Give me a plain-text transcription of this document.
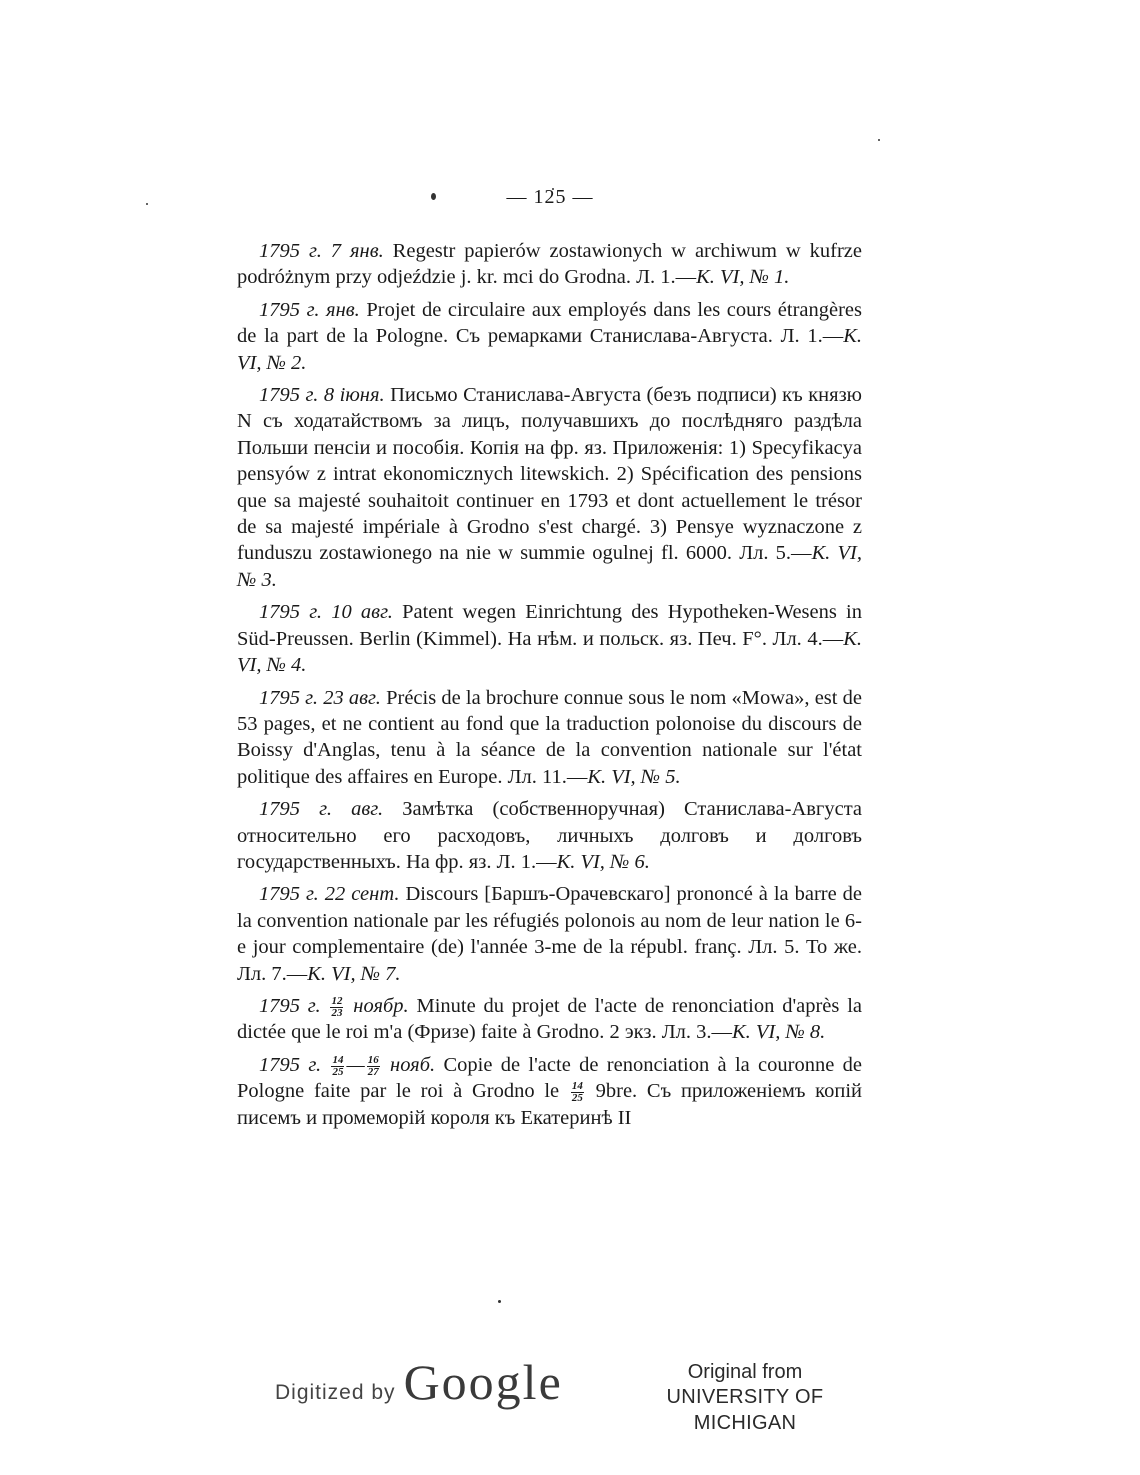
— 125 —

1795 г. 7 янв. Regestr papierów zostawionych w archiwum w kufrze podróżnym przy odjeździe j. kr. mci do Grodna. Л. 1.—К. VI, № 1.

1795 г. янв. Projet de circulaire aux employés dans les cours étrangères de la part de la Pologne. Съ ремарками Станислава-Августа. Л. 1.—К. VI, № 2.

1795 г. 8 іюня. Письмо Станислава-Августа (безъ подписи) къ князю N съ ходатайствомъ за лицъ, получавшихъ до послѣдняго раздѣла Польши пенсіи и пособія. Копія на фр. яз. Приложенія: 1) Specyfikacya pensyów z intrat ekonomicznych litewskich. 2) Spécification des pensions que sa majesté souhaitoit continuer en 1793 et dont actuellement le trésor de sa majesté impériale à Grodno s'est chargé. 3) Pensye wyznaczone z funduszu zostawionego na nie w summie ogulnej fl. 6000. Лл. 5.—К. VI, № 3.

1795 г. 10 авг. Patent wegen Einrichtung des Hypotheken-Wesens in Süd-Preussen. Berlin (Kimmel). На нѣм. и польск. яз. Печ. F°. Лл. 4.—К. VI, № 4.

1795 г. 23 авг. Précis de la brochure connue sous le nom «Mowa», est de 53 pages, et ne contient au fond que la traduction polonoise du discours de Boissy d'Anglas, tenu à la séance de la convention nationale sur l'état politique des affaires en Europe. Лл. 11.—К. VI, № 5.

1795 г. авг. Замѣтка (собственноручная) Станислава-Августа относительно его расходовъ, личныхъ долговъ и долговъ государственныхъ. На фр. яз. Л. 1.—К. VI, № 6.

1795 г. 22 сент. Discours [Баршъ-Орачевскаго] prononcé à la barre de la convention nationale par les réfugiés polonois au nom de leur nation le 6-e jour complementaire (de) l'année 3-me de la républ. franç. Лл. 5. То же. Лл. 7.—К. VI, № 7.

1795 г. $\frac{12}{23}$ ноябр. Minute du projet de l'acte de renonciation d'après la dictée que le roi m'a (Фризе) faite à Grodno. 2 экз. Лл. 3.—К. VI, № 8.

1795 г. $\frac{14}{25}$ — $\frac{16}{27}$ нояб. Copie de l'acte de renonciation à la couronne de Pologne faite par le roi à Grodno le $\frac{14}{25} 9bre$. Съ приложеніемъ копій писемъ и промеморій короля къ Екатеринѣ II

Digitized by Google	Original from
UNIVERSITY OF MICHIGAN
